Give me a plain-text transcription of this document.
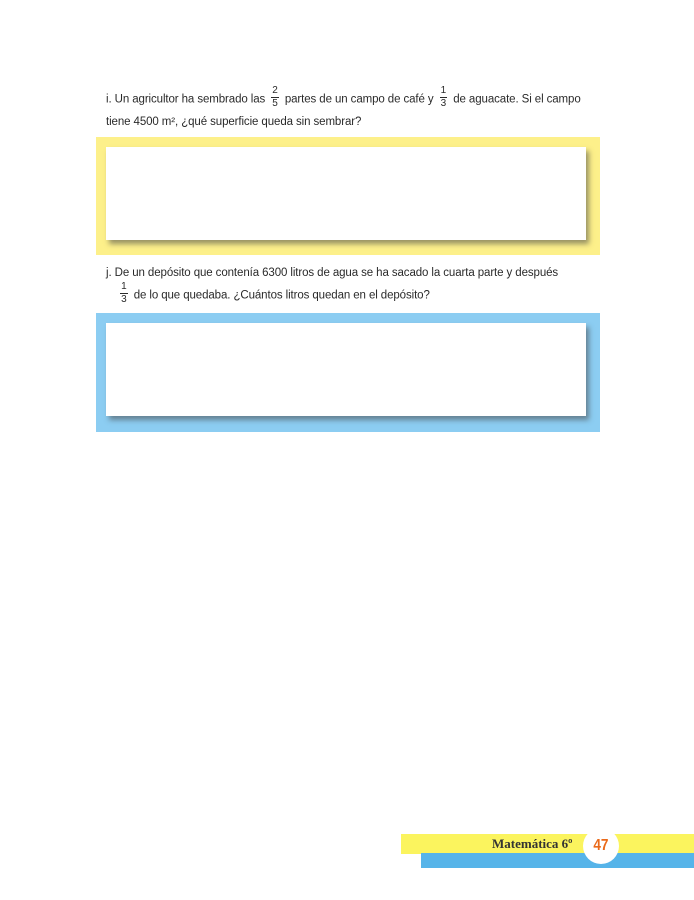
i. Un agricultor ha sembrado las $\frac{2}{5}$ partes de un campo de café y $\frac{1}{3}$ de aguacate. Si el campo
tiene 4500 m², ¿qué superficie queda sin sembrar?
j. De un depósito que contenía 6300 litros de agua se ha sacado la cuarta parte y después

$\frac{1}{3}$ de lo que quedaba. ¿Cuántos litros quedan en el depósito?
Matemática 6º 47
